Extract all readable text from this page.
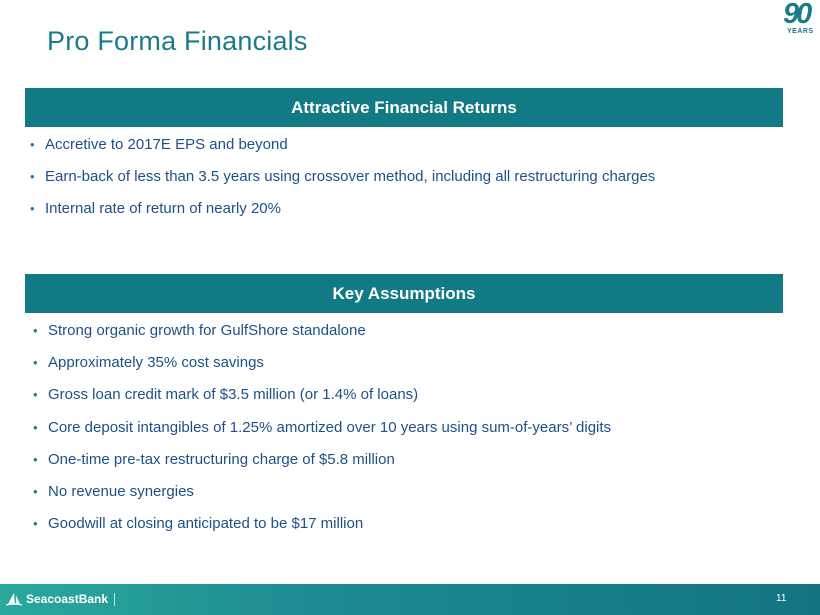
Pro Forma Financials
90
YEARS
Attractive Financial Returns
• Accretive to 2017E EPS and beyond
• Earn-back of less than 3.5 years using crossover method, including all restructuring charges
• Internal rate of return of nearly 20%
Key Assumptions
• Strong organic growth for GulfShore standalone
• Approximately 35% cost savings
• Gross loan credit mark of $3.5 million (or 1.4% of loans)
• Core deposit intangibles of 1.25% amortized over 10 years using sum-of-years’ digits
• One-time pre-tax restructuring charge of $5.8 million
• No revenue synergies
• Goodwill at closing anticipated to be $17 million
SeacoastBank	11
